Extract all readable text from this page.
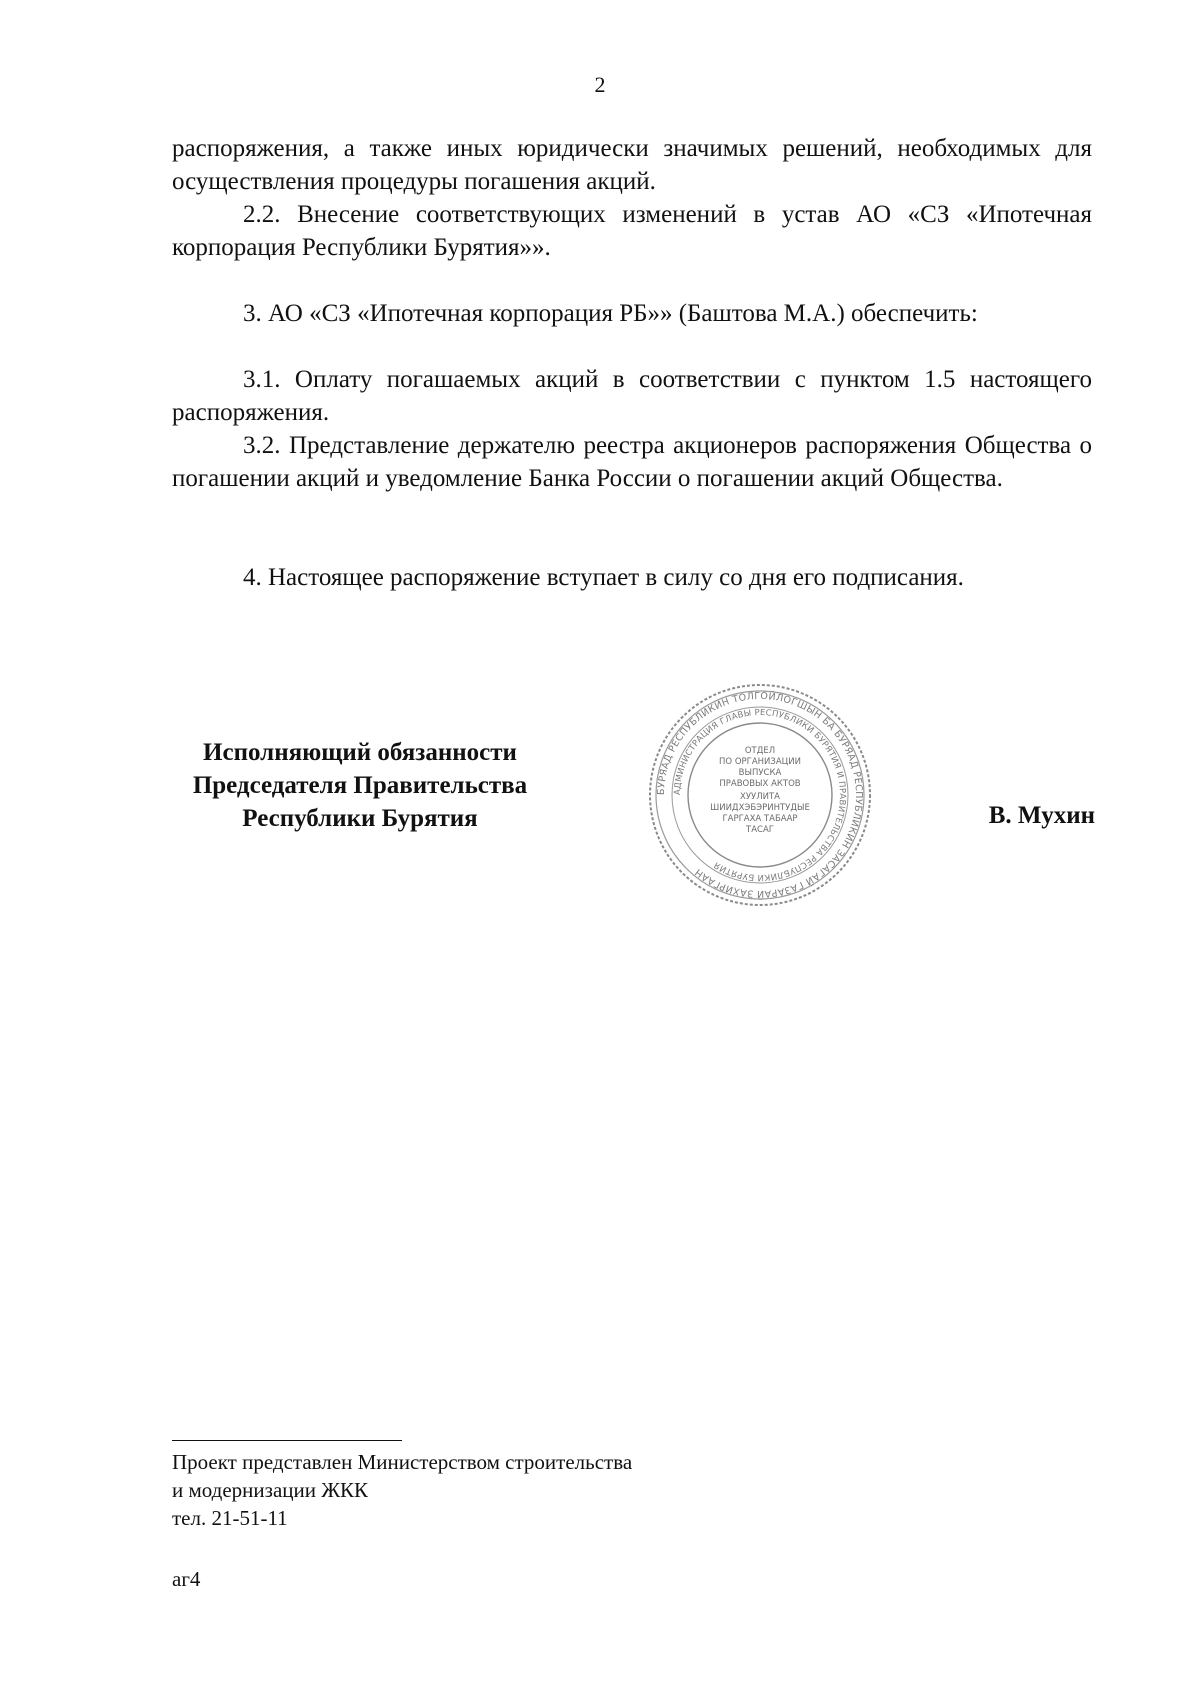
2

распоряжения, а также иных юридически значимых решений, необходимых для осуществления процедуры погашения акций.

2.2. Внесение соответствующих изменений в устав АО «СЗ «Ипотечная корпорация Республики Бурятия»».

3. АО «СЗ «Ипотечная корпорация РБ»» (Баштова М.А.) обеспечить:

3.1. Оплату погашаемых акций в соответствии с пунктом 1.5 настоящего распоряжения.

3.2. Представление держателю реестра акционеров распоряжения Общества о погашении акций и уведомление Банка России о погашении акций Общества.

4. Настоящее распоряжение вступает в силу со дня его подписания.

Исполняющий обязанности
Председателя Правительства
Республики Бурятия
БУРЯАД РЕСПУБЛИКИН ТОЛГОЙЛОГШЫН БА БУРЯАД РЕСПУБЛИКИН ЗАСАГАЙ ГАЗАРАЙ ЗАХИРГААН
АДМИНИСТРАЦИЯ ГЛАВЫ РЕСПУБЛИКИ БУРЯТИЯ И ПРАВИТЕЛЬСТВА РЕСПУБЛИКИ БУРЯТИЯ
ОТДЕЛ
ПО ОРГАНИЗАЦИИ
ВЫПУСКА
ПРАВОВЫХ АКТОВ
ХУУЛИТА
ШИИДХЭБЭРИНТУДЫЕ
ГАРГАХА ТАБААР
ТАСАГ
В. Мухин
Проект представлен Министерством строительства
и модернизации ЖКК
тел. 21-51-11
аг4
